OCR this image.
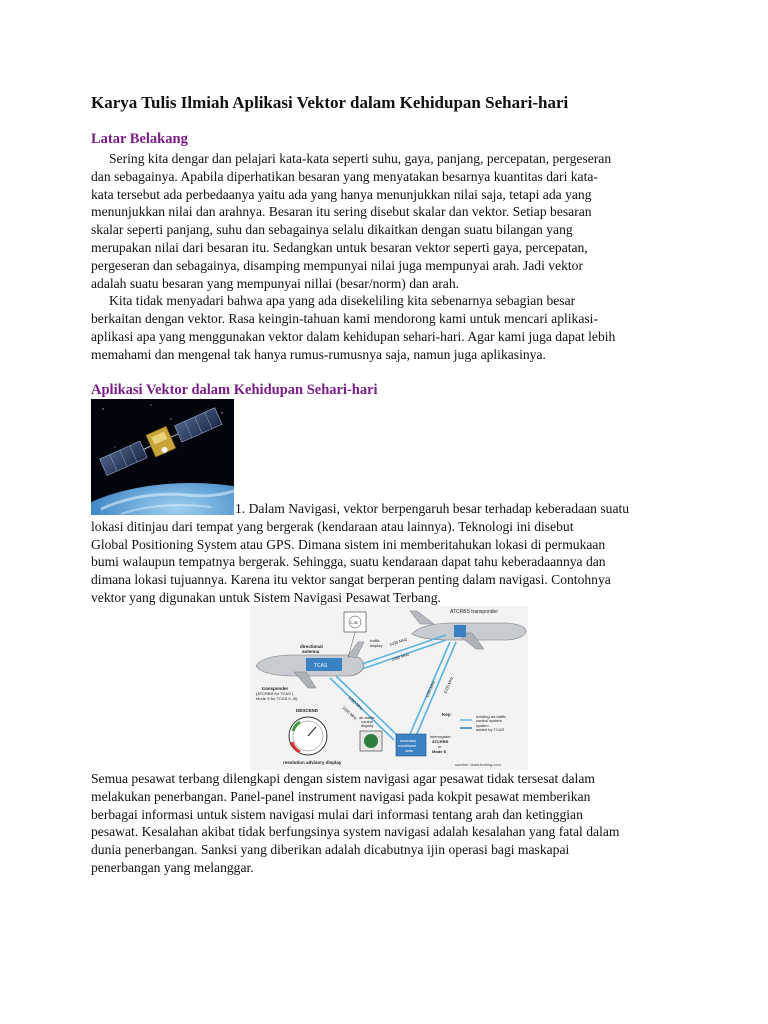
Karya Tulis Ilmiah Aplikasi Vektor dalam Kehidupan Sehari-hari
Latar Belakang
Sering kita dengar dan pelajari kata-kata seperti suhu, gaya, panjang, percepatan, pergeseran
dan sebagainya. Apabila diperhatikan besaran yang menyatakan besarnya kuantitas dari kata-
kata tersebut ada perbedaanya yaitu ada yang hanya menunjukkan nilai saja, tetapi ada yang
menunjukkan nilai dan arahnya. Besaran itu sering disebut skalar dan vektor. Setiap besaran
skalar seperti panjang, suhu dan sebagainya selalu dikaitkan dengan suatu bilangan yang
merupakan nilai dari besaran itu. Sedangkan untuk besaran vektor seperti gaya, percepatan,
pergeseran dan sebagainya, disamping mempunyai nilai juga mempunyai arah. Jadi vektor
adalah suatu besaran yang mempunyai nillai (besar/norm) dan arah.
Kita tidak menyadari bahwa apa yang ada disekeliling kita sebenarnya sebagian besar
berkaitan dengan vektor. Rasa keingin-tahuan kami mendorong kami untuk mencari aplikasi-
aplikasi apa yang menggunakan vektor dalam kehidupan sehari-hari. Agar kami juga dapat lebih
memahami dan mengenal tak hanya rumus-rumusnya saja, namun juga aplikasinya.
Aplikasi Vektor dalam Kehidupan Sehari-hari
1. Dalam Navigasi, vektor berpengaruh besar terhadap keberadaan suatu
lokasi ditinjau dari tempat yang bergerak (kendaraan atau lainnya). Teknologi ini disebut
Global Positioning System atau GPS. Dimana sistem ini memberitahukan lokasi di permukaan
bumi walaupun tempatnya bergerak. Sehingga, suatu kendaraan dapat tahu keberadaannya dan
dimana lokasi tujuannya. Karena itu vektor sangat berperan penting dalam navigasi. Contohnya
vektor yang digunakan untuk Sistem Navigasi Pesawat Terbang.
ATCRBS transponder
TCAS
C-45
traffic
display
directional
antenna
1030 MHz
1090 MHz
1090 MHz 1030 MHz
1090 MHz
1030 MHz
transponder
(ATCRBS for TCAS I,
Mode S for TCAS II, III)
DESCEND
resolution advisory display
air-traffic
control
display
secondary
surveillance
radar
interrogator:
ATCRBS
or
Mode S
Key:	existing air-traffic
control system
system
added by TCAS
sumber: www.boeing.com
Semua pesawat terbang dilengkapi dengan sistem navigasi agar pesawat tidak tersesat dalam
melakukan penerbangan. Panel-panel instrument navigasi pada kokpit pesawat memberikan
berbagai informasi untuk sistem navigasi mulai dari informasi tentang arah dan ketinggian
pesawat. Kesalahan akibat tidak berfungsinya system navigasi adalah kesalahan yang fatal dalam
dunia penerbangan. Sanksi yang diberikan adalah dicabutnya ijin operasi bagi maskapai
penerbangan yang melanggar.
